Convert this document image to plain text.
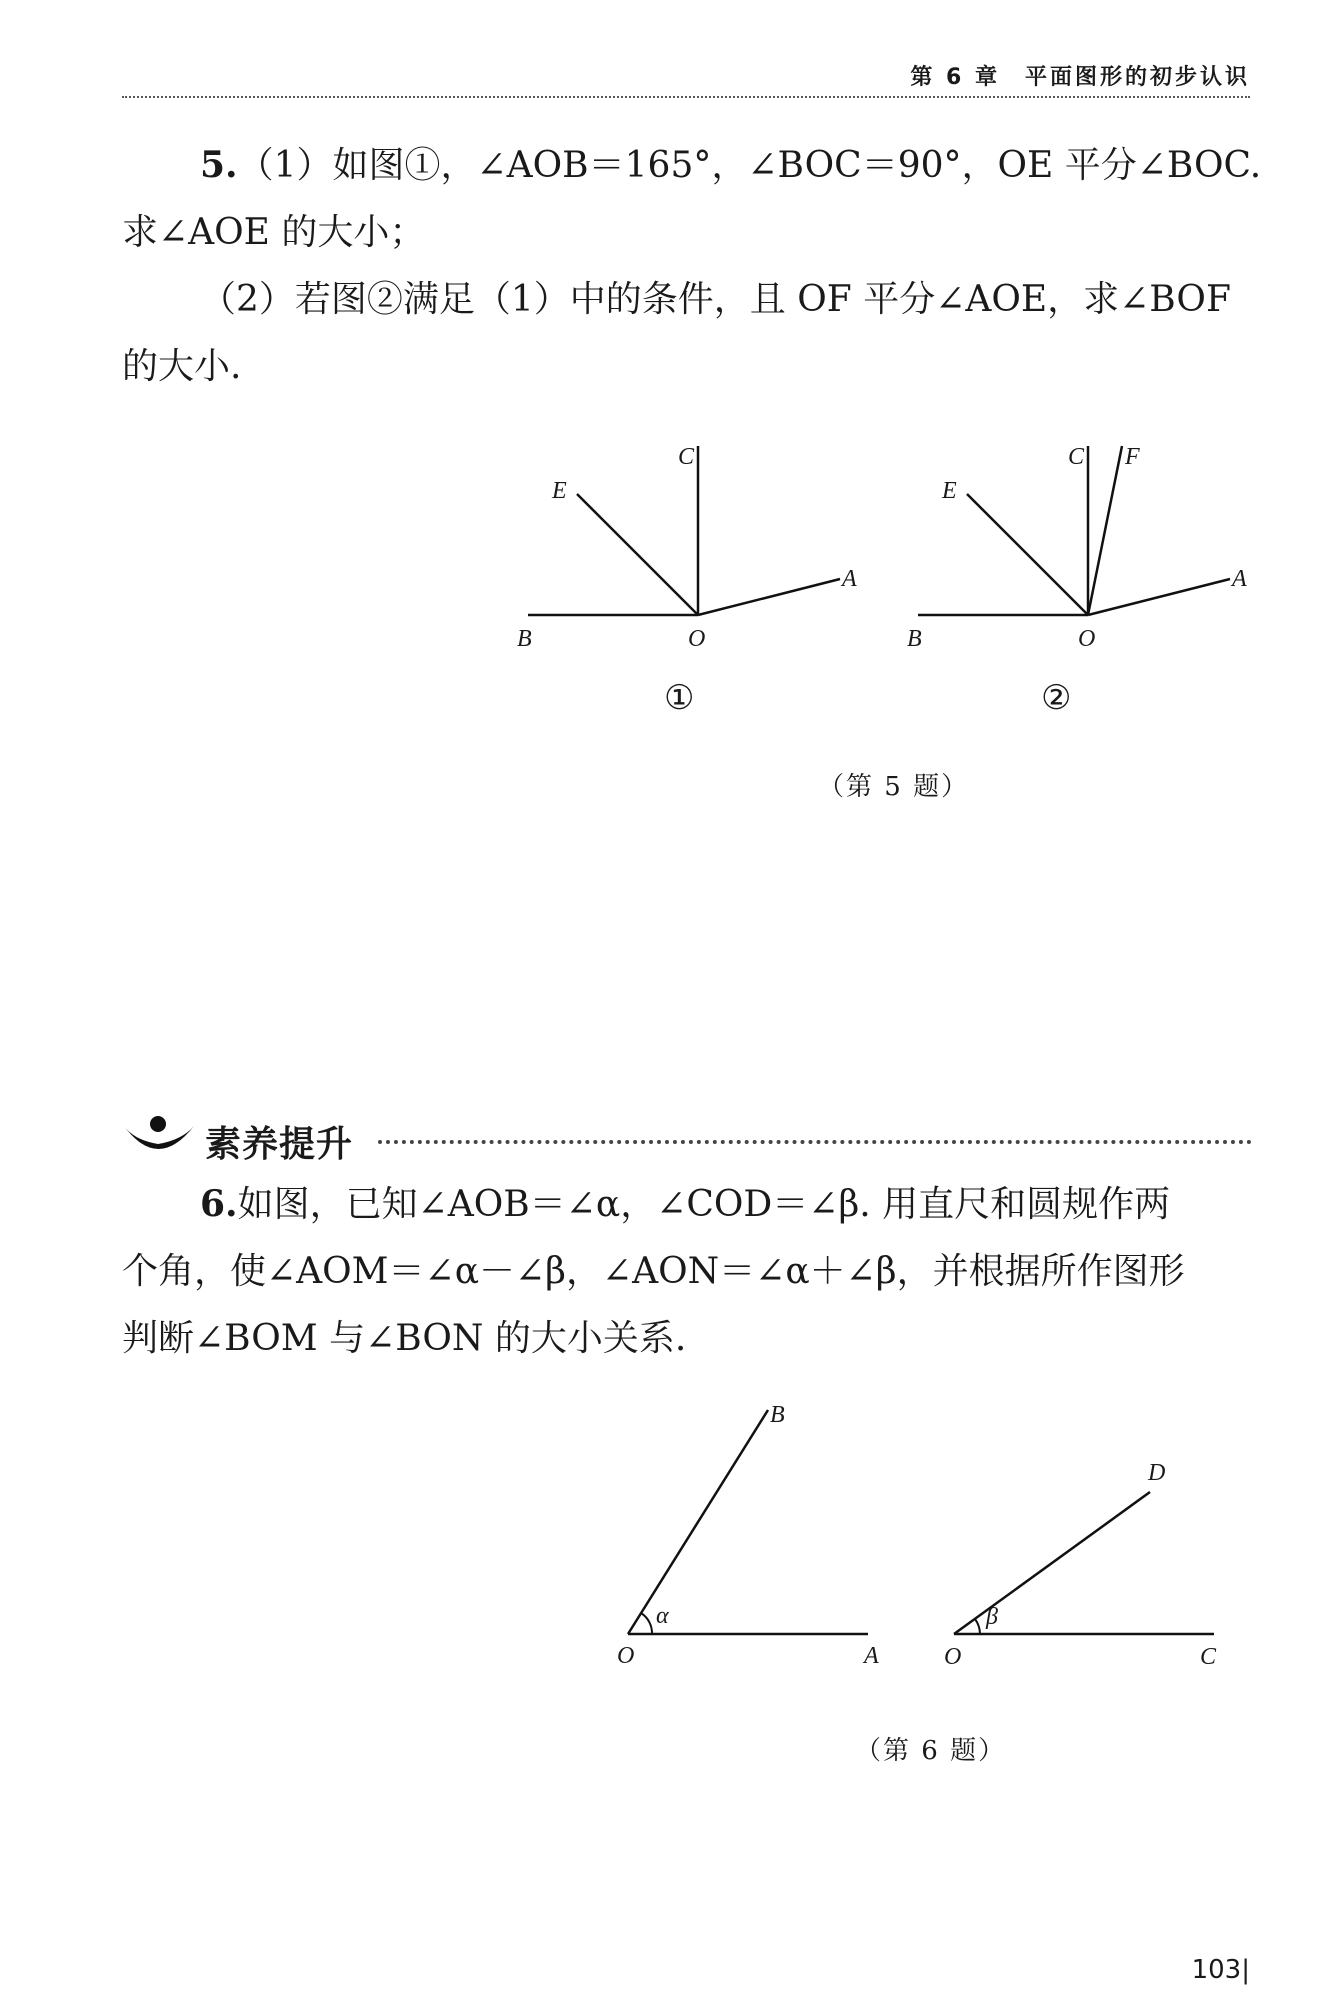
第 6 章　平面图形的初步认识
5.（1）如图①，∠AOB＝165°，∠BOC＝90°，OE 平分∠BOC.
求∠AOE 的大小；
（2）若图②满足（1）中的条件，且 OF 平分∠AOE，求∠BOF
的大小.
C
E
A
B	O
①
C F
E
A
B	O
②
（第 5 题）
素养提升
6.如图，已知∠AOB＝∠α，∠COD＝∠β. 用直尺和圆规作两
个角，使∠AOM＝∠α－∠β，∠AON＝∠α＋∠β，并根据所作图形
判断∠BOM 与∠BON 的大小关系.
α
B
O	A
β
D
O	C
（第 6 题）
103|
